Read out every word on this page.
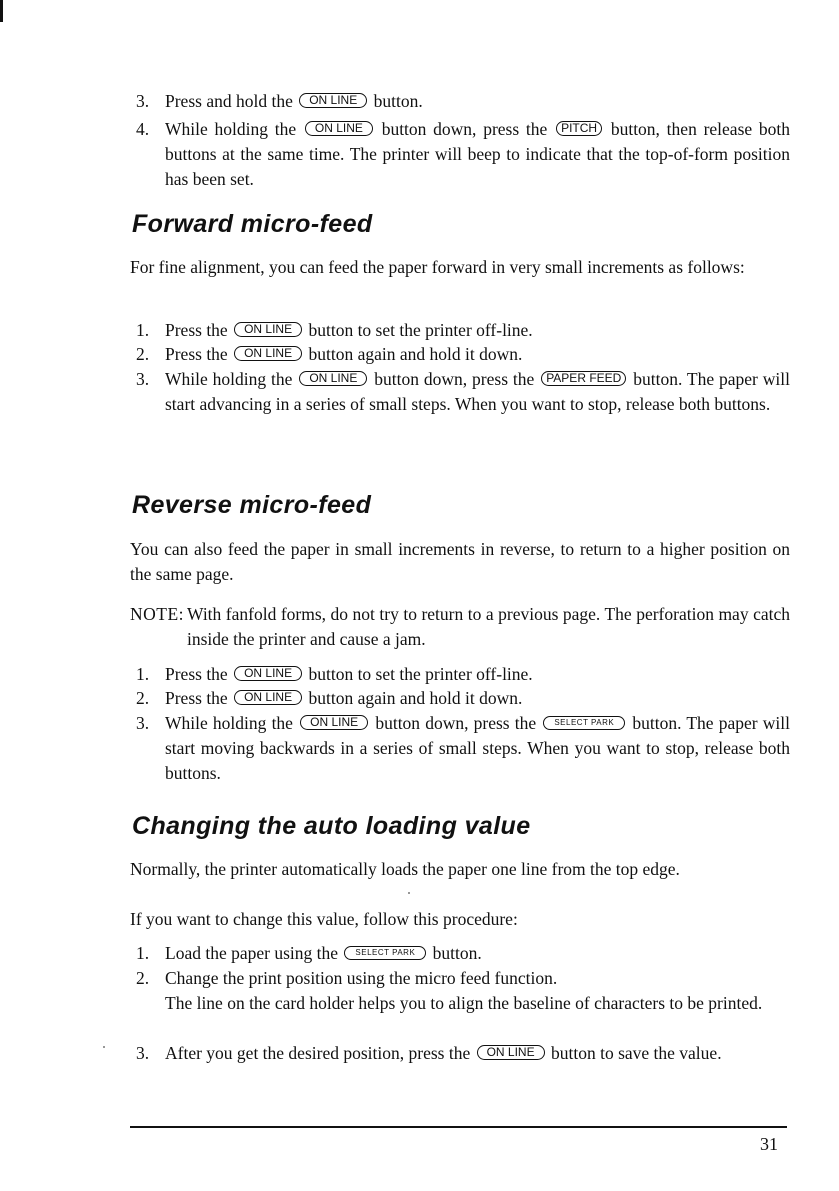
3. Press and hold the ON LINE button.
4. While holding the ON LINE button down, press the PITCH button, then release both buttons at the same time. The printer will beep to indicate that the top-of-form position has been set.
Forward micro-feed

For fine alignment, you can feed the paper forward in very small increments as follows:

1. Press the ON LINE button to set the printer off-line.
2. Press the ON LINE button again and hold it down.
3. While holding the ON LINE button down, press the PAPER FEED button. The paper will start advancing in a series of small steps. When you want to stop, release both buttons.
Reverse micro-feed

You can also feed the paper in small increments in reverse, to return to a higher position on the same page.

NOTE: With fanfold forms, do not try to return to a previous page. The perforation may catch inside the printer and cause a jam.
1. Press the ON LINE button to set the printer off-line.
2. Press the ON LINE button again and hold it down.
3. While holding the ON LINE button down, press the SELECT PARK button. The paper will start moving backwards in a series of small steps. When you want to stop, release both buttons.
Changing the auto loading value

Normally, the printer automatically loads the paper one line from the top edge.

If you want to change this value, follow this procedure:

1. Load the paper using the SELECT PARK button.
2. Change the print position using the micro feed function.
The line on the card holder helps you to align the baseline of characters to be printed.
3. After you get the desired position, press the ON LINE button to save the value.
31
